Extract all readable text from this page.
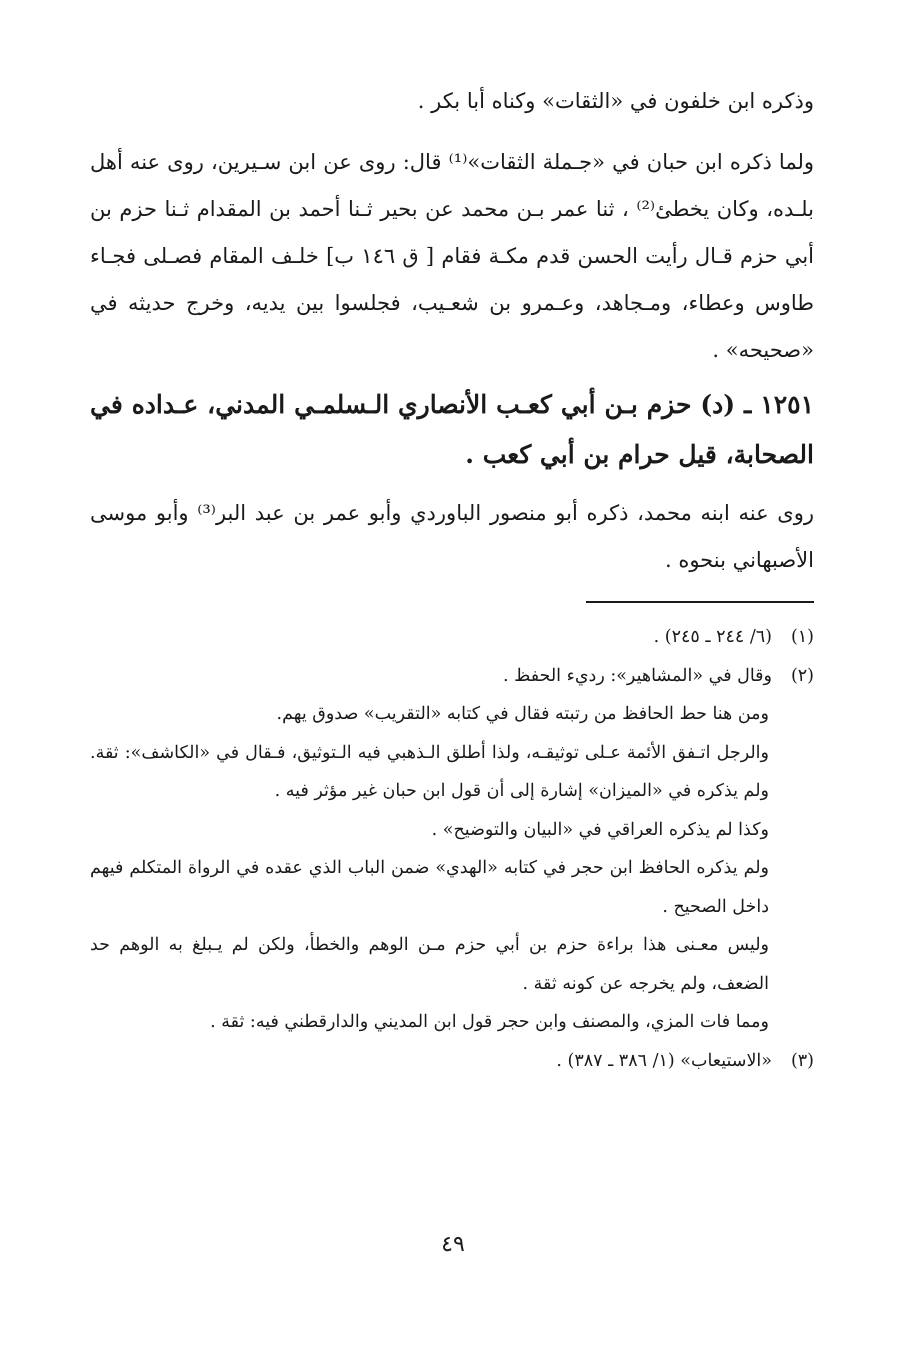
وذكره ابن خلفون في «الثقات» وكناه أبا بكر .

ولما ذكره ابن حبان في «جـملة الثقات»⁽¹⁾ قال: روى عن ابن سـيرين، روى عنه أهل بلـده، وكان يخطئ⁽²⁾ ، ثنا عمر بـن محمد عن بحير ثـنا أحمد بن المقدام ثـنا حزم بن أبي حزم قـال رأيت الحسن قدم مكـة فقام [ ق ١٤٦ ب] خلـف المقام فصـلى فجـاء طاوس وعطاء، ومـجاهد، وعـمرو بن شعـيب، فجلسوا بين يديه، وخرج حديثه في «صحيحه» .

١٢٥١ ـ (د) حزم بـن أبي كعـب الأنصاري الـسلمـي المدني، عـداده في الصحابة، قيل حرام بن أبي كعب .

روى عنه ابنه محمد، ذكره أبو منصور الباوردي وأبو عمر بن عبد البر⁽³⁾ وأبو موسى الأصبهاني بنحوه .

(١)(٦/ ٢٤٤ ـ ٢٤٥) .

(٢)وقال في «المشاهير»: رديء الحفظ .

ومن هنا حط الحافظ من رتبته فقال في كتابه «التقريب» صدوق يهم.

والرجل اتـفق الأئمة عـلى توثيقـه، ولذا أطلق الـذهبي فيه الـتوثيق، فـقال في «الكاشف»: ثقة. ولم يذكره في «الميزان» إشارة إلى أن قول ابن حبان غير مؤثر فيه .

وكذا لم يذكره العراقي في «البيان والتوضيح» .

ولم يذكره الحافظ ابن حجر في كتابه «الهدي» ضمن الباب الذي عقده في الرواة المتكلم فيهم داخل الصحيح .

وليس معـنى هذا براءة حزم بن أبي حزم مـن الوهم والخطأ، ولكن لم يـبلغ به الوهم حد الضعف، ولم يخرجه عن كونه ثقة .

ومما فات المزي، والمصنف وابن حجر قول ابن المديني والدارقطني فيه: ثقة .

(٣)«الاستيعاب» (١/ ٣٨٦ ـ ٣٨٧) .

٤٩
